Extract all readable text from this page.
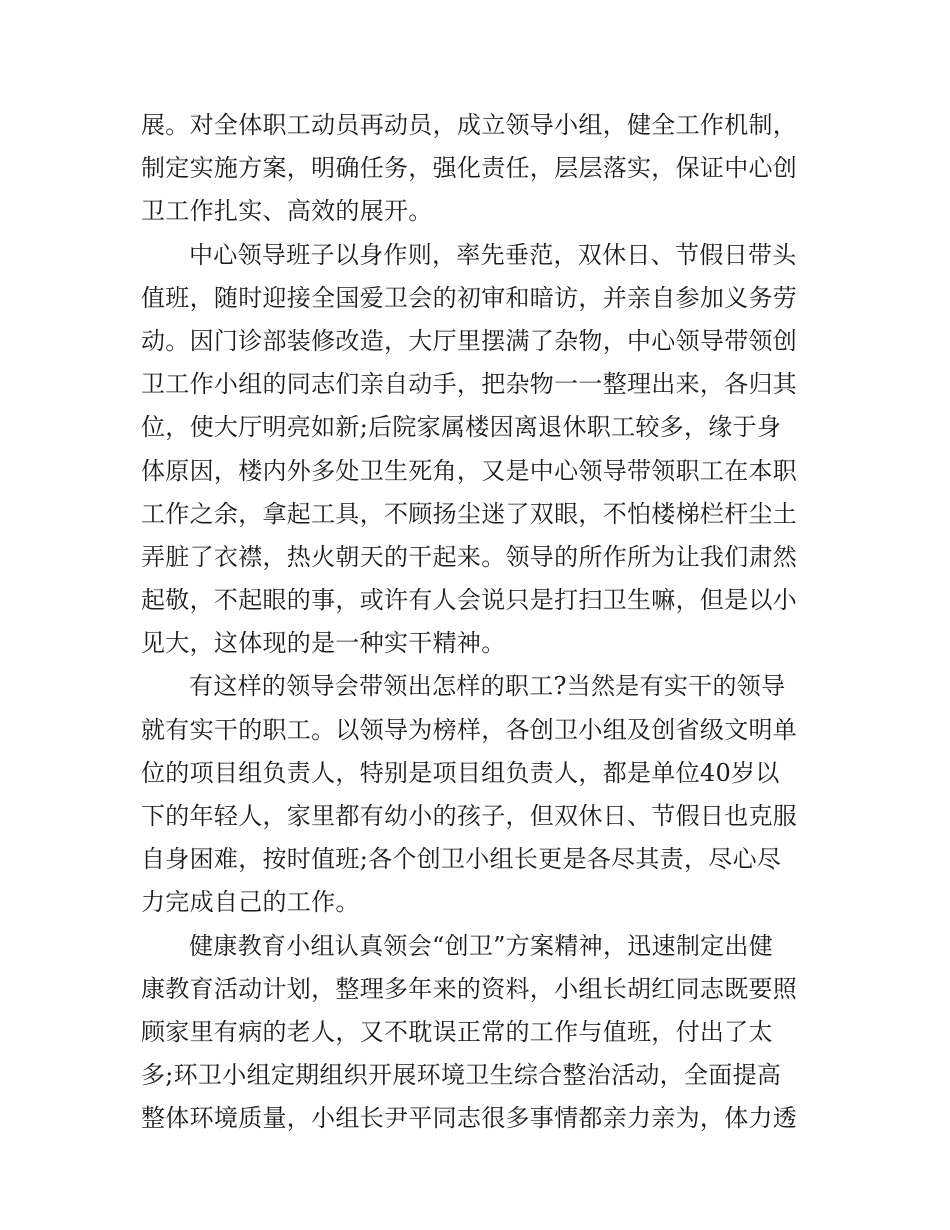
展。对全体职工动员再动员，成立领导小组，健全工作机制，
制定实施方案，明确任务，强化责任，层层落实，保证中心创
卫工作扎实、高效的展开。
中心领导班子以身作则，率先垂范，双休日、节假日带头
值班，随时迎接全国爱卫会的初审和暗访，并亲自参加义务劳
动。因门诊部装修改造，大厅里摆满了杂物，中心领导带领创
卫工作小组的同志们亲自动手，把杂物一一整理出来，各归其
位，使大厅明亮如新;后院家属楼因离退休职工较多，缘于身
体原因，楼内外多处卫生死角，又是中心领导带领职工在本职
工作之余，拿起工具，不顾扬尘迷了双眼，不怕楼梯栏杆尘土
弄脏了衣襟，热火朝天的干起来。领导的所作所为让我们肃然
起敬，不起眼的事，或许有人会说只是打扫卫生嘛，但是以小
见大，这体现的是一种实干精神。
有这样的领导会带领出怎样的职工?当然是有实干的领导
就有实干的职工。以领导为榜样，各创卫小组及创省级文明单
位的项目组负责人，特别是项目组负责人，都是单位40岁以
下的年轻人，家里都有幼小的孩子，但双休日、节假日也克服
自身困难，按时值班;各个创卫小组长更是各尽其责，尽心尽
力完成自己的工作。
健康教育小组认真领会“创卫”方案精神，迅速制定出健
康教育活动计划，整理多年来的资料，小组长胡红同志既要照
顾家里有病的老人，又不耽误正常的工作与值班，付出了太
多;环卫小组定期组织开展环境卫生综合整治活动，全面提高
整体环境质量，小组长尹平同志很多事情都亲力亲为，体力透
